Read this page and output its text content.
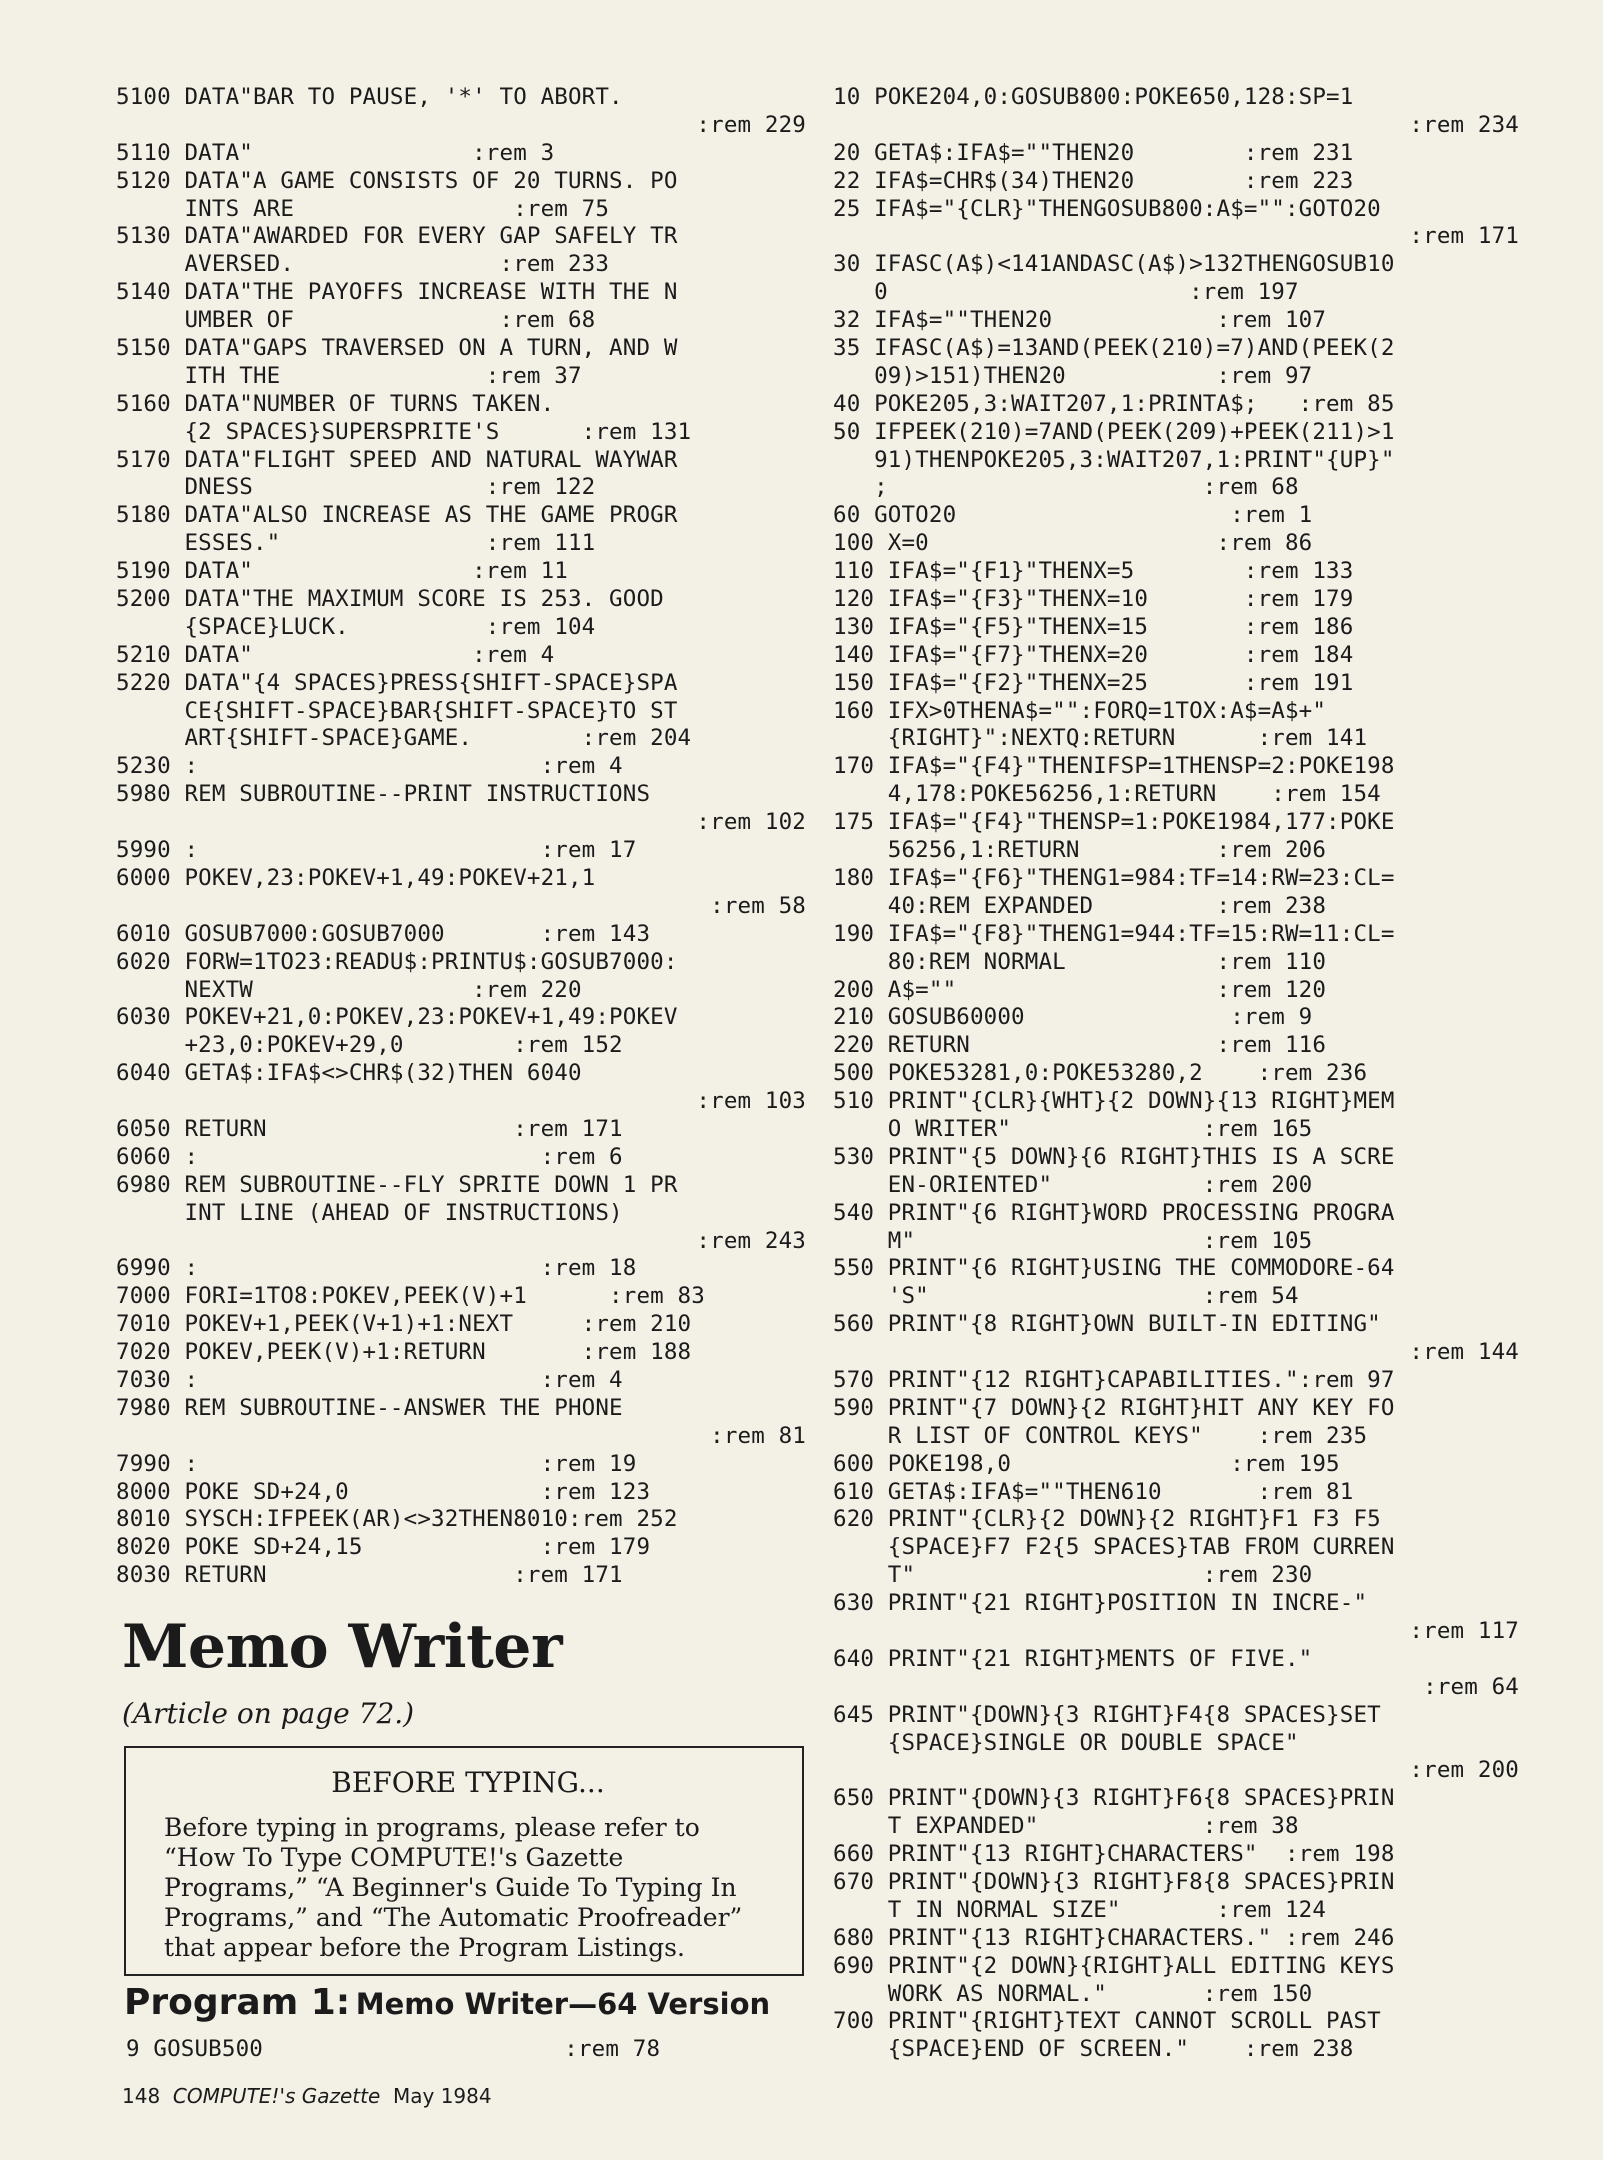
5100 DATA"BAR TO PAUSE, '*' TO ABORT.
:rem 229
5110 DATA"                :rem 3
5120 DATA"A GAME CONSISTS OF 20 TURNS. PO
INTS ARE                :rem 75
5130 DATA"AWARDED FOR EVERY GAP SAFELY TR
AVERSED.               :rem 233
5140 DATA"THE PAYOFFS INCREASE WITH THE N
UMBER OF               :rem 68
5150 DATA"GAPS TRAVERSED ON A TURN, AND W
ITH THE               :rem 37
5160 DATA"NUMBER OF TURNS TAKEN.
{2 SPACES}SUPERSPRITE'S      :rem 131
5170 DATA"FLIGHT SPEED AND NATURAL WAYWAR
DNESS                 :rem 122
5180 DATA"ALSO INCREASE AS THE GAME PROGR
ESSES."               :rem 111
5190 DATA"                :rem 11
5200 DATA"THE MAXIMUM SCORE IS 253. GOOD
{SPACE}LUCK.          :rem 104
5210 DATA"                :rem 4
5220 DATA"{4 SPACES}PRESS{SHIFT-SPACE}SPA
CE{SHIFT-SPACE}BAR{SHIFT-SPACE}TO ST
ART{SHIFT-SPACE}GAME.        :rem 204
5230 :                         :rem 4
5980 REM SUBROUTINE--PRINT INSTRUCTIONS
:rem 102
5990 :                         :rem 17
6000 POKEV,23:POKEV+1,49:POKEV+21,1
:rem 58
6010 GOSUB7000:GOSUB7000       :rem 143
6020 FORW=1TO23:READU$:PRINTU$:GOSUB7000:
NEXTW                :rem 220
6030 POKEV+21,0:POKEV,23:POKEV+1,49:POKEV
+23,0:POKEV+29,0        :rem 152
6040 GETA$:IFA$<>CHR$(32)THEN 6040
:rem 103
6050 RETURN                  :rem 171
6060 :                         :rem 6
6980 REM SUBROUTINE--FLY SPRITE DOWN 1 PR
INT LINE (AHEAD OF INSTRUCTIONS)
:rem 243
6990 :                         :rem 18
7000 FORI=1TO8:POKEV,PEEK(V)+1      :rem 83
7010 POKEV+1,PEEK(V+1)+1:NEXT     :rem 210
7020 POKEV,PEEK(V)+1:RETURN       :rem 188
7030 :                         :rem 4
7980 REM SUBROUTINE--ANSWER THE PHONE
:rem 81
7990 :                         :rem 19
8000 POKE SD+24,0              :rem 123
8010 SYSCH:IFPEEK(AR)<>32THEN8010:rem 252
8020 POKE SD+24,15             :rem 179
8030 RETURN                  :rem 171
10 POKE204,0:GOSUB800:POKE650,128:SP=1
:rem 234
20 GETA$:IFA$=""THEN20        :rem 231
22 IFA$=CHR$(34)THEN20        :rem 223
25 IFA$="{CLR}"THENGOSUB800:A$="":GOTO20
:rem 171
30 IFASC(A$)<141ANDASC(A$)>132THENGOSUB10
0                      :rem 197
32 IFA$=""THEN20            :rem 107
35 IFASC(A$)=13AND(PEEK(210)=7)AND(PEEK(2
09)>151)THEN20           :rem 97
40 POKE205,3:WAIT207,1:PRINTA$;   :rem 85
50 IFPEEK(210)=7AND(PEEK(209)+PEEK(211)>1
91)THENPOKE205,3:WAIT207,1:PRINT"{UP}"
;                       :rem 68
60 GOTO20                    :rem 1
100 X=0                     :rem 86
110 IFA$="{F1}"THENX=5        :rem 133
120 IFA$="{F3}"THENX=10       :rem 179
130 IFA$="{F5}"THENX=15       :rem 186
140 IFA$="{F7}"THENX=20       :rem 184
150 IFA$="{F2}"THENX=25       :rem 191
160 IFX>0THENA$="":FORQ=1TOX:A$=A$+"
{RIGHT}":NEXTQ:RETURN      :rem 141
170 IFA$="{F4}"THENIFSP=1THENSP=2:POKE198
4,178:POKE56256,1:RETURN    :rem 154
175 IFA$="{F4}"THENSP=1:POKE1984,177:POKE
56256,1:RETURN          :rem 206
180 IFA$="{F6}"THENG1=984:TF=14:RW=23:CL=
40:REM EXPANDED         :rem 238
190 IFA$="{F8}"THENG1=944:TF=15:RW=11:CL=
80:REM NORMAL           :rem 110
200 A$=""                   :rem 120
210 GOSUB60000               :rem 9
220 RETURN                  :rem 116
500 POKE53281,0:POKE53280,2    :rem 236
510 PRINT"{CLR}{WHT}{2 DOWN}{13 RIGHT}MEM
O WRITER"              :rem 165
530 PRINT"{5 DOWN}{6 RIGHT}THIS IS A SCRE
EN-ORIENTED"           :rem 200
540 PRINT"{6 RIGHT}WORD PROCESSING PROGRA
M"                     :rem 105
550 PRINT"{6 RIGHT}USING THE COMMODORE-64
'S"                    :rem 54
560 PRINT"{8 RIGHT}OWN BUILT-IN EDITING"
:rem 144
570 PRINT"{12 RIGHT}CAPABILITIES.":rem 97
590 PRINT"{7 DOWN}{2 RIGHT}HIT ANY KEY FO
R LIST OF CONTROL KEYS"    :rem 235
600 POKE198,0                :rem 195
610 GETA$:IFA$=""THEN610       :rem 81
620 PRINT"{CLR}{2 DOWN}{2 RIGHT}F1 F3 F5
{SPACE}F7 F2{5 SPACES}TAB FROM CURREN
T"                     :rem 230
630 PRINT"{21 RIGHT}POSITION IN INCRE-"
:rem 117
640 PRINT"{21 RIGHT}MENTS OF FIVE."
:rem 64
645 PRINT"{DOWN}{3 RIGHT}F4{8 SPACES}SET
{SPACE}SINGLE OR DOUBLE SPACE"
:rem 200
650 PRINT"{DOWN}{3 RIGHT}F6{8 SPACES}PRIN
T EXPANDED"            :rem 38
660 PRINT"{13 RIGHT}CHARACTERS"  :rem 198
670 PRINT"{DOWN}{3 RIGHT}F8{8 SPACES}PRIN
T IN NORMAL SIZE"       :rem 124
680 PRINT"{13 RIGHT}CHARACTERS." :rem 246
690 PRINT"{2 DOWN}{RIGHT}ALL EDITING KEYS
WORK AS NORMAL."       :rem 150
700 PRINT"{RIGHT}TEXT CANNOT SCROLL PAST
{SPACE}END OF SCREEN."    :rem 238
Memo Writer
(Article on page 72.)
BEFORE TYPING...
Before typing in programs, please refer to “How To Type COMPUTE!'s Gazette Programs,” “A Beginner's Guide To Typing In Programs,” and “The Automatic Proofreader” that appear before the Program Listings.
Program 1: Memo Writer—64 Version
9 GOSUB500                      :rem 78
148 COMPUTE!'s Gazette May 1984
